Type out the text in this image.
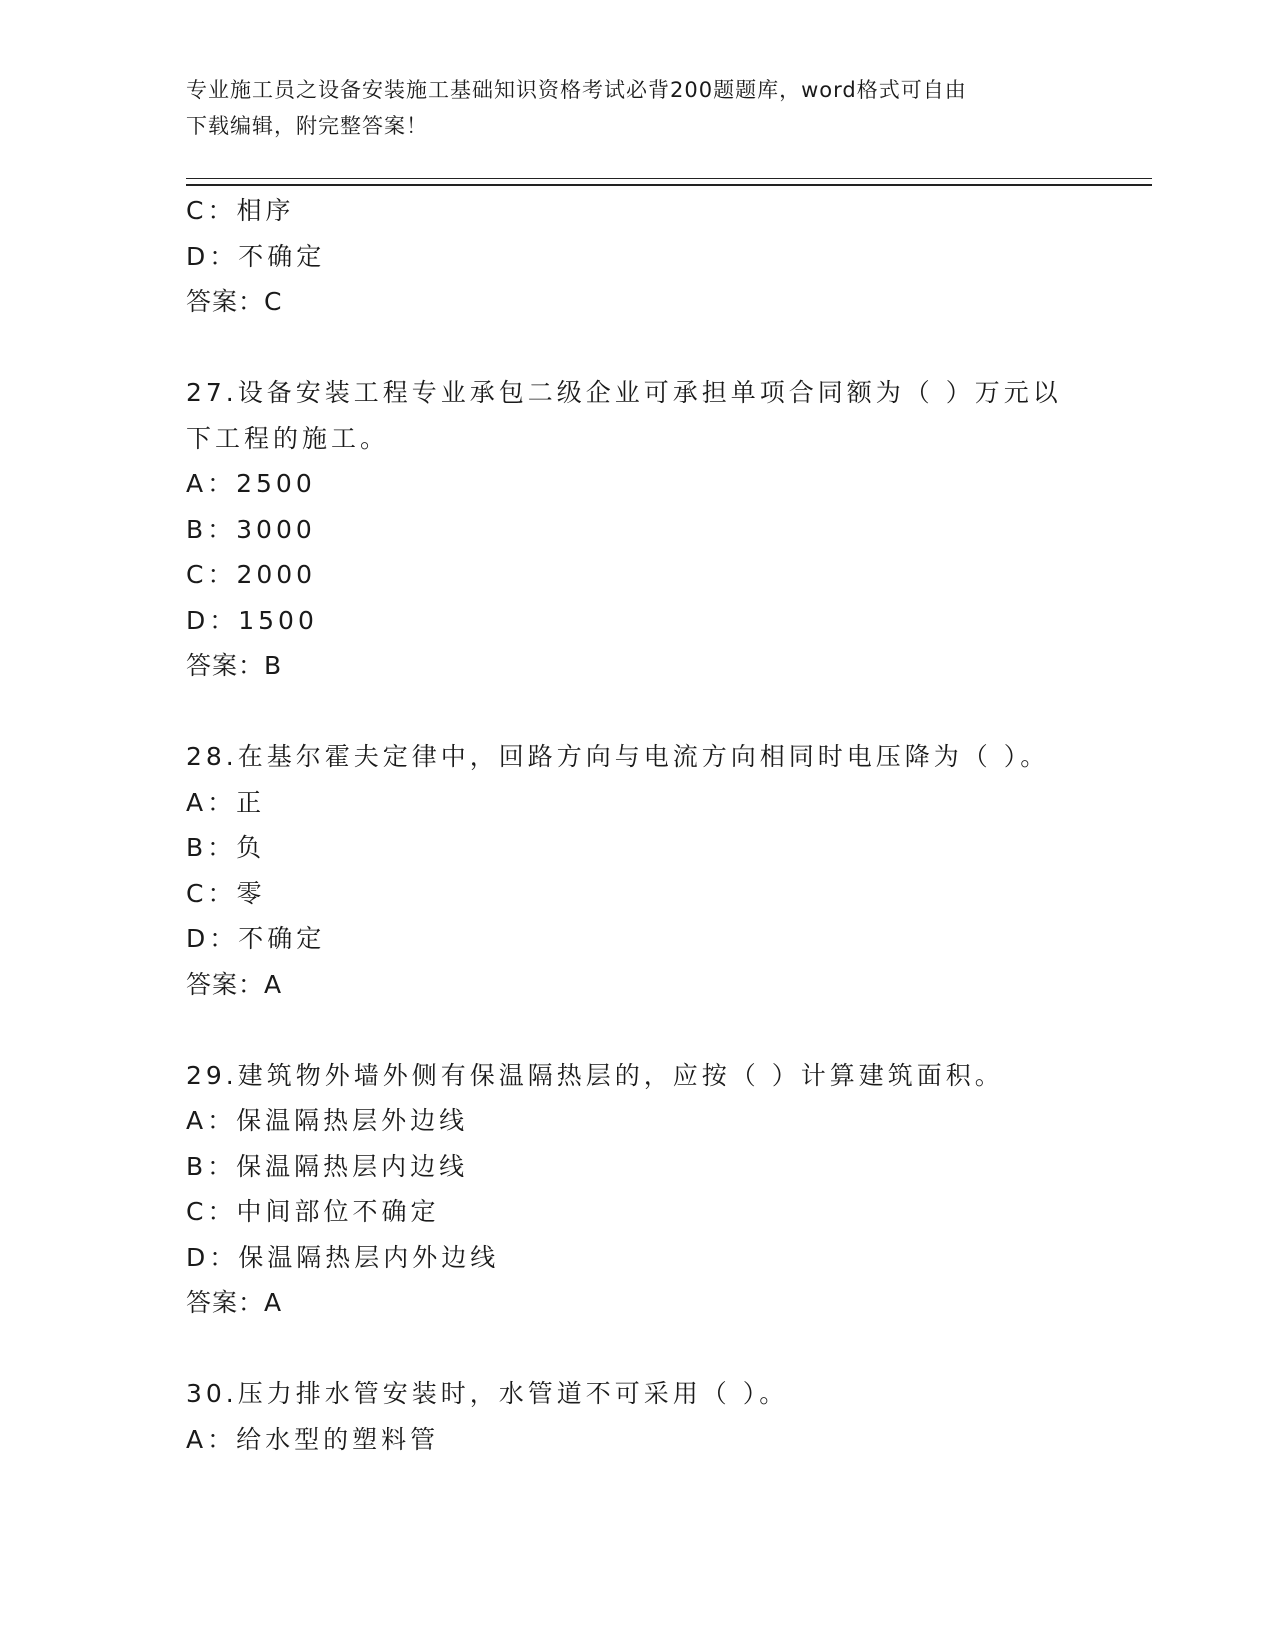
专业施工员之设备安装施工基础知识资格考试必背200题题库，word格式可自由
下载编辑，附完整答案！
C：相序
D：不确定
答案：C
27.设备安装工程专业承包二级企业可承担单项合同额为（ ）万元以
下工程的施工。
A：2500
B：3000
C：2000
D：1500
答案：B
28.在基尔霍夫定律中，回路方向与电流方向相同时电压降为（ ）。
A：正
B：负
C：零
D：不确定
答案：A
29.建筑物外墙外侧有保温隔热层的，应按（ ）计算建筑面积。
A：保温隔热层外边线
B：保温隔热层内边线
C：中间部位不确定
D：保温隔热层内外边线
答案：A
30.压力排水管安装时，水管道不可采用（ ）。
A：给水型的塑料管
